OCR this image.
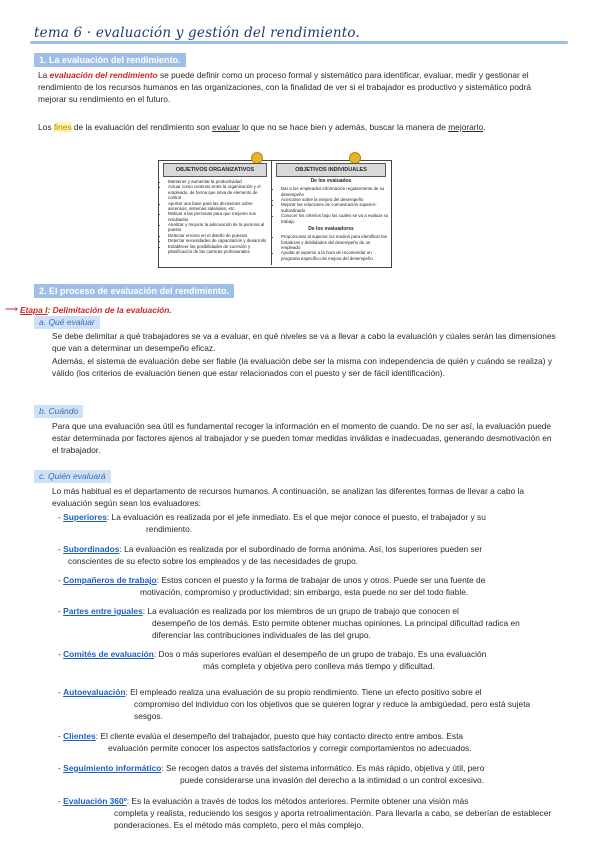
tema 6 · evaluación y gestión del rendimiento.
1. La evaluación del rendimiento.
La evaluación del rendimiento se puede definir como un proceso formal y sistemático para identificar, evaluar, medir y gestionar el rendimiento de los recursos humanos en las organizaciones, con la finalidad de ver si el trabajador es productivo y sistemático podrá mejorar su rendimiento en el futuro.
Los fines de la evaluación del rendimiento son evaluar lo que no se hace bien y además, buscar la manera de mejorarlo.
OBJETIVOS ORGANIZATIVOS
• Mantener y aumentar la productividad
• Actuar como contexto entre la organización y el empleado, de forma que sirva de elemento de control
• Aportar una base para las decisiones sobre ascensos, sistemas salariales, etc.
• Motivar a las personas para que mejoren sus resultados
• Analizar y mejorar la adecuación de la persona al puesto
• Detectar errores en el diseño de puestos
• Detectar necesidades de capacitación y desarrollo
• Establecer las posibilidades de sucesión y planificación de las carreras profesionales
OBJETIVOS INDIVIDUALES
De los evaluados
• Dar a los empleados información regularmente de su desempeño
• Acercarse sobre la mejora del desempeño
• Mejorar las relaciones de comunicación superior-subordinado
• Conocer los criterios bajo los cuales se va a evaluar su trabajo
De los evaluadores
• Proporcionar al superior los medios para identificar las fortalezas y debilidades del desempeño de un empleado
• Ayudar al superior a la hora de recomendar un programa específico de mejora del desempeño
2. El proceso de evaluación del rendimiento.
⟶ Etapa I: Delimitación de la evaluación.
a. Qué evaluar
Se debe delimitar a qué trabajadores se va a evaluar, en qué niveles se va a llevar a cabo la evaluación y cúales serán las dimensiones que van a determinar un desempeño eficaz.
Además, el sistema de evaluación debe ser fiable (la evaluación debe ser la misma con independencia de quién y cuándo se realiza) y válido (los criterios de evaluación tienen que estar relacionados con el puesto y ser de fácil identificación).
b. Cuándo
Para que una evaluación sea útil es fundamental recoger la información en el momento de cuando. De no ser así, la evaluación puede estar determinada por factores ajenos al trabajador y se pueden tomar medidas inválidas e inadecuadas, generando desmotivación en el trabajador.
c. Quién evaluará
Lo más habitual es el departamento de recursos humanos. A continuación, se analizan las diferentes formas de llevar a cabo la evaluación según sean los evaluadores:
- Superiores: La evaluación es realizada por el jefe inmediato. Es el que mejor conoce el puesto, el trabajador y su
rendimiento.
- Subordinados: La evaluación es realizada por el subordinado de forma anónima. Así, los superiores pueden ser
conscientes de su efecto sobre los empleados y de las necesidades de grupo.
- Compañeros de trabajo: Estos concen el puesto y la forma de trabajar de unos y otros. Puede ser una fuente de
motivación, compromiso y productividad; sin embargo, esta puede no ser del todo fiable.
- Partes entre iguales: La evaluación es realizada por los miembros de un grupo de trabajo que conocen el
desempeño de los demás. Esto permite obtener muchas opiniones. La principal dificultad radica en diferenciar las contribuciones individuales de las del grupo.
- Comités de evaluación: Dos o más superiores evalúan el desempeño de un grupo de trabajo. Es una evaluación
más completa y objetiva pero conlleva más tiempo y dificultad.
- Autoevaluación: El empleado realiza una evaluación de su propio rendimiento. Tiene un efecto positivo sobre el
compromiso del individuo con los objetivos que se quieren lograr y reduce la ambigüedad, pero está sujeta sesgos.
- Clientes: El cliente evalúa el desempeño del trabajador, puesto que hay contacto directo entre ambos. Esta
evaluación permite conocer los aspectos satisfactorios y corregir comportamientos no adecuados.
- Seguimiento informático: Se recogen datos a través del sistema informático. Es más rápido, objetiva y útil, pero
puede considerarse una invasión del derecho a la intimidad o un control excesivo.
- Evaluación 360º: Es la evaluación a través de todos los métodos anteriores. Permite obtener una visión más
completa y realista, reduciendo los sesgos y aporta retroalimentación. Para llevarla a cabo, se deberían de establecer ponderaciones. Es el método más completo, pero el más complejo.
